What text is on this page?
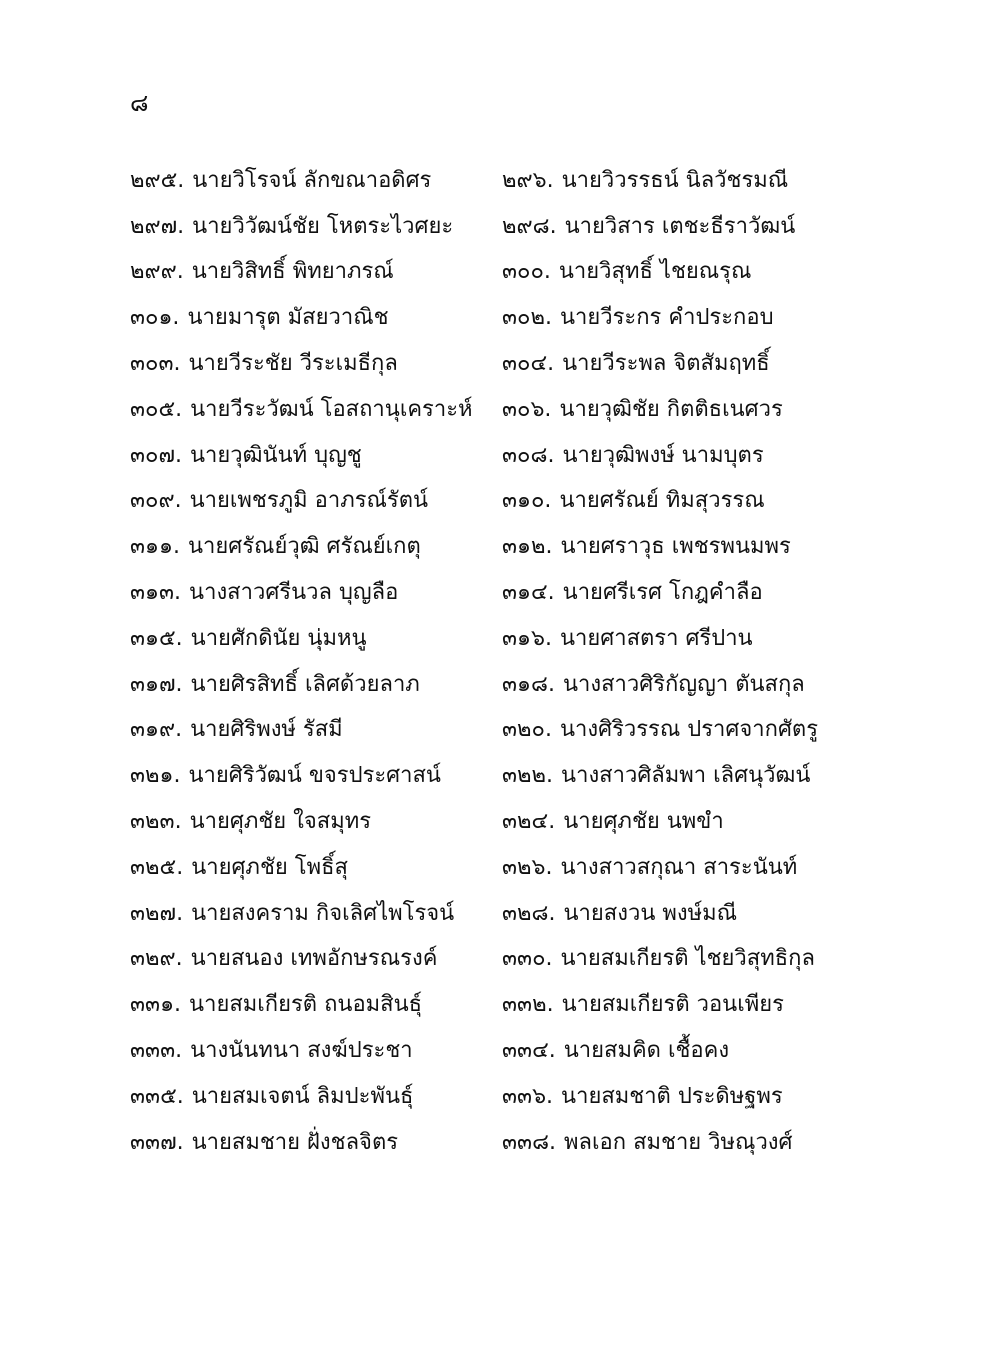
๘
๒๙๕. นายวิโรจน์ ลักขณาอดิศร	๒๙๖. นายวิวรรธน์ นิลวัชรมณี
๒๙๗. นายวิวัฒน์ชัย โหตระไวศยะ ๒๙๘. นายวิสาร เตชะธีราวัฒน์
๒๙๙. นายวิสิทธิ์ พิทยาภรณ์	๓๐๐. นายวิสุทธิ์ ไชยณรุณ
๓๐๑. นายมารุต มัสยวาณิช	๓๐๒. นายวีระกร คำประกอบ
๓๐๓. นายวีระชัย วีระเมธีกุล	๓๐๔. นายวีระพล จิตสัมฤทธิ์
๓๐๕. นายวีระวัฒน์ โอสถานุเคราะห์ ๓๐๖. นายวุฒิชัย กิตติธเนศวร
๓๐๗. นายวุฒินันท์ บุญชู	๓๐๘. นายวุฒิพงษ์ นามบุตร
๓๐๙. นายเพชรภูมิ อาภรณ์รัตน์	๓๑๐. นายศรัณย์ ทิมสุวรรณ
๓๑๑. นายศรัณย์วุฒิ ศรัณย์เกตุ	๓๑๒. นายศราวุธ เพชรพนมพร
๓๑๓. นางสาวศรีนวล บุญลือ	๓๑๔. นายศรีเรศ โกฎคำลือ
๓๑๕. นายศักดินัย นุ่มหนู	๓๑๖. นายศาสตรา ศรีปาน
๓๑๗. นายศิรสิทธิ์ เลิศด้วยลาภ	๓๑๘. นางสาวศิริกัญญา ตันสกุล
๓๑๙. นายศิริพงษ์ รัสมี	๓๒๐. นางศิริวรรณ ปราศจากศัตรู
๓๒๑. นายศิริวัฒน์ ขจรประศาสน์	๓๒๒. นางสาวศิลัมพา เลิศนุวัฒน์
๓๒๓. นายศุภชัย ใจสมุทร	๓๒๔. นายศุภชัย นพขำ
๓๒๕. นายศุภชัย โพธิ์สุ	๓๒๖. นางสาวสกุณา สาระนันท์
๓๒๗. นายสงคราม กิจเลิศไพโรจน์ ๓๒๘. นายสงวน พงษ์มณี
๓๒๙. นายสนอง เทพอักษรณรงค์	๓๓๐. นายสมเกียรติ ไชยวิสุทธิกุล
๓๓๑. นายสมเกียรติ ถนอมสินธุ์	๓๓๒. นายสมเกียรติ วอนเพียร
๓๓๓. นางนันทนา สงฆ์ประชา	๓๓๔. นายสมคิด เชื้อคง
๓๓๕. นายสมเจตน์ ลิมปะพันธุ์	๓๓๖. นายสมชาติ ประดิษฐพร
๓๓๗. นายสมชาย ฝั่งชลจิตร	๓๓๘. พลเอก สมชาย วิษณุวงศ์
